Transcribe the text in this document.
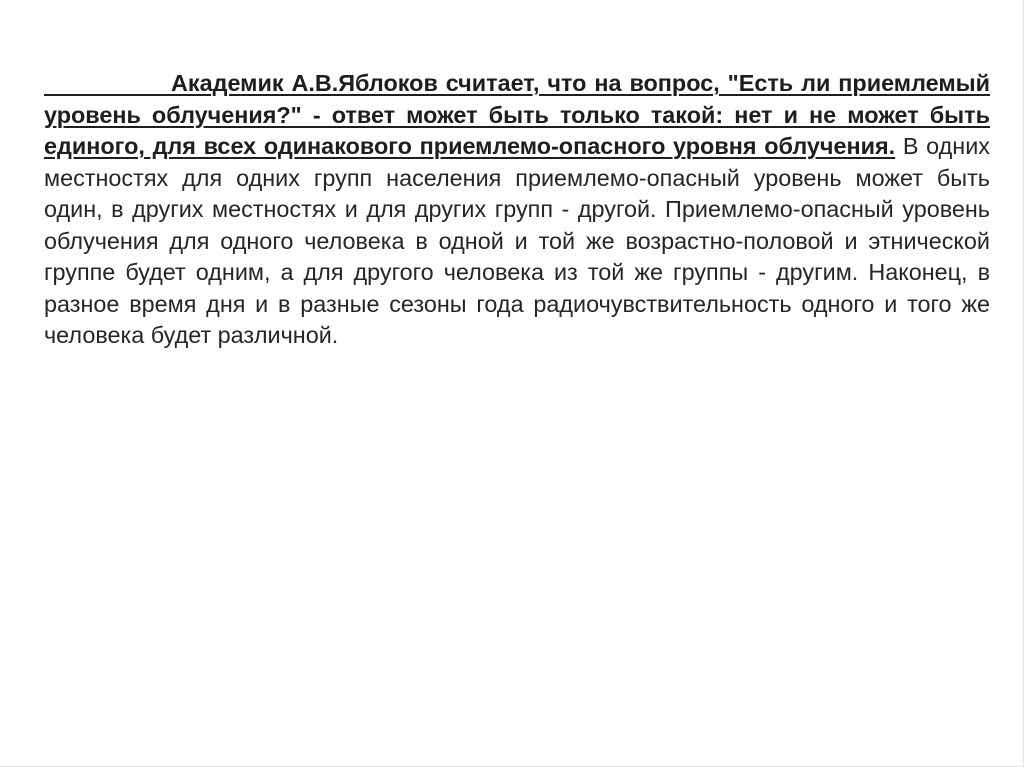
Академик А.В.Яблоков считает, что на вопрос, "Есть ли приемлемый уровень облучения?" - ответ может быть только такой: нет и не может быть единого, для всех одинакового приемлемо-опасного уровня облучения. В одних местностях для одних групп населения приемлемо-опасный уровень может быть один, в других местностях и для других групп - другой. Приемлемо-опасный уровень облучения для одного человека в одной и той же возрастно-половой и этнической группе будет одним, а для другого человека из той же группы - другим. Наконец, в разное время дня и в разные сезоны года радиочувствительность одного и того же человека будет различной.
